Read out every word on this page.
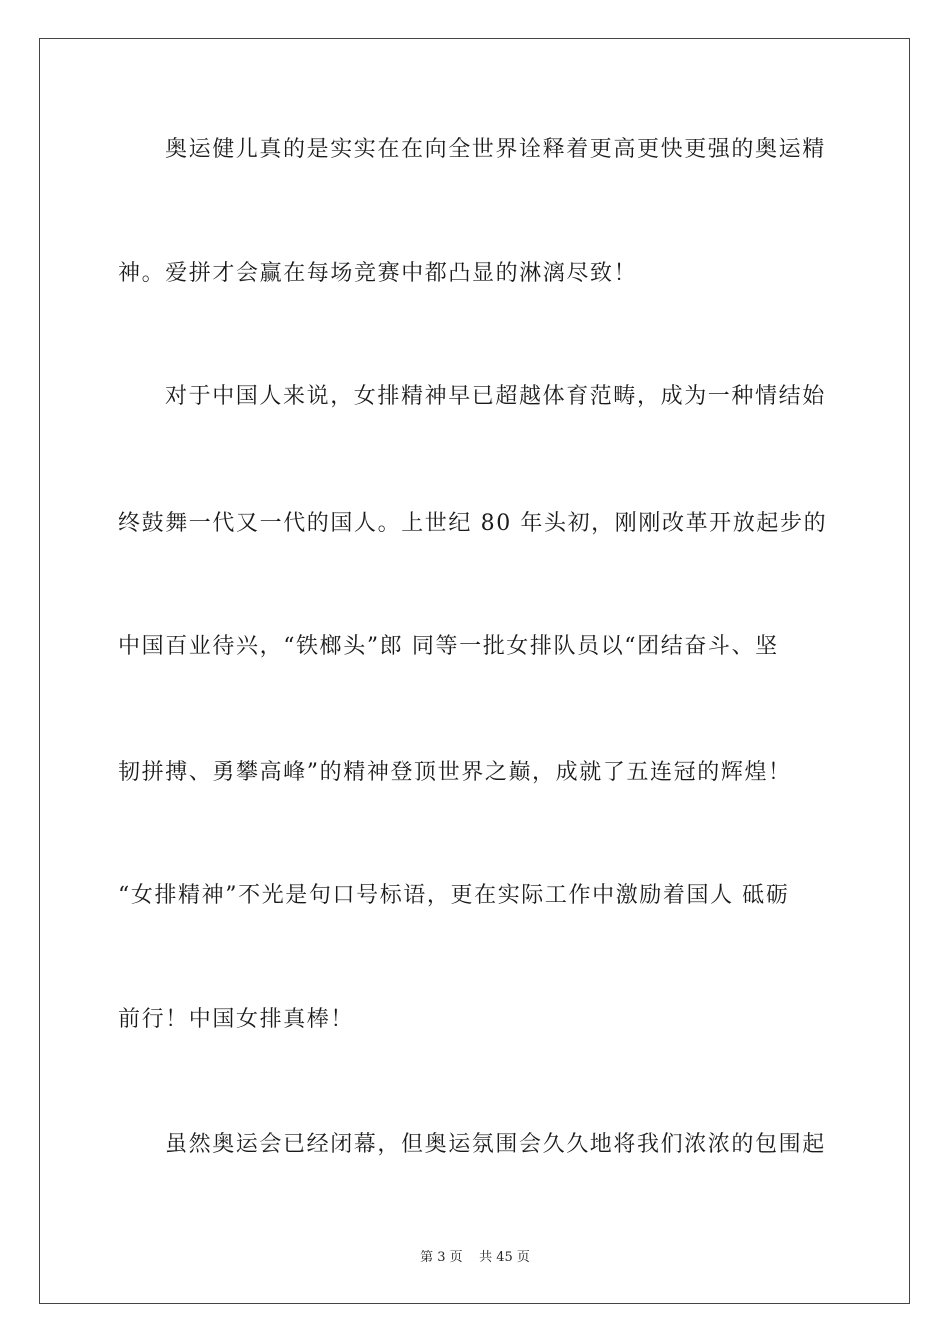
奥运健儿真的是实实在在向全世界诠释着更高更快更强的奥运精
神。爱拼才会赢在每场竞赛中都凸显的淋漓尽致！
对于中国人来说，女排精神早已超越体育范畴，成为一种情结始
终鼓舞一代又一代的国人。上世纪 80 年头初，刚刚改革开放起步的
中国百业待兴，“铁榔头”郎 同等一批女排队员以“团结奋斗、坚
韧拼搏、勇攀高峰”的精神登顶世界之巅，成就了五连冠的辉煌！
“女排精神”不光是句口号标语，更在实际工作中激励着国人 砥砺
前行！中国女排真棒！
虽然奥运会已经闭幕，但奥运氛围会久久地将我们浓浓的包围起
第 3 页    共 45 页
